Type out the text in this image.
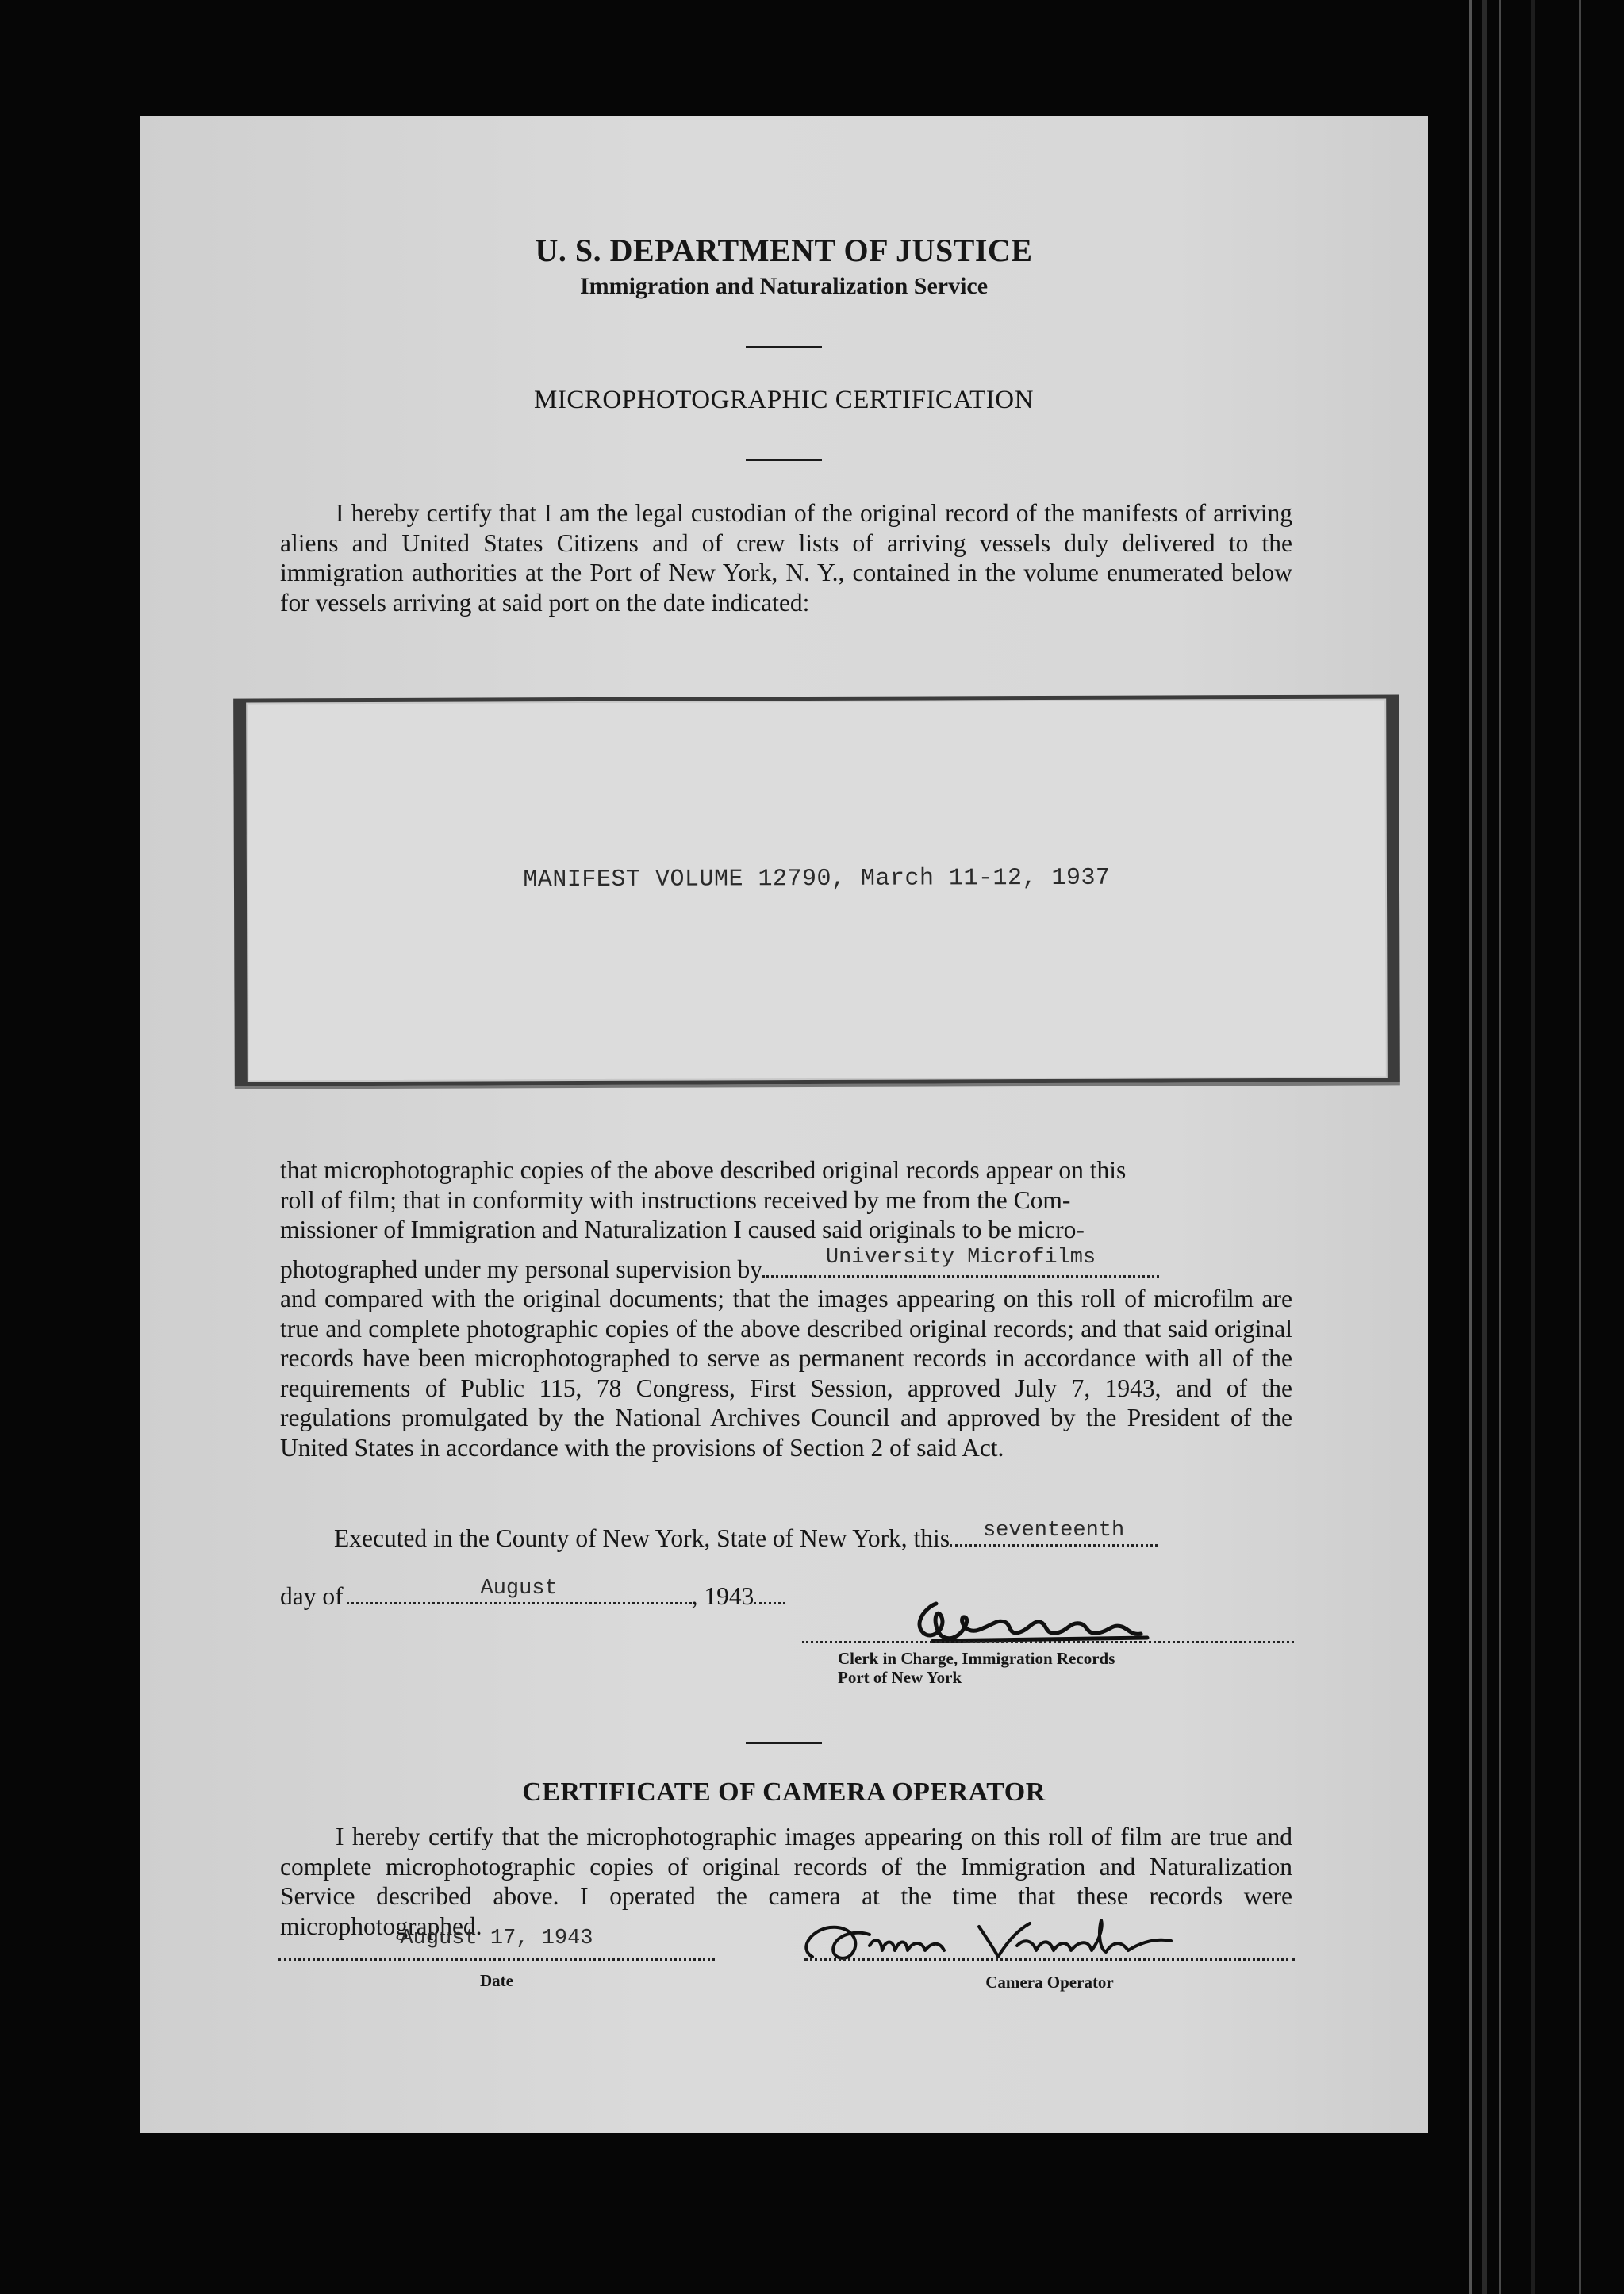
U. S. DEPARTMENT OF JUSTICE
Immigration and Naturalization Service
MICROPHOTOGRAPHIC CERTIFICATION
I hereby certify that I am the legal custodian of the original record of the manifests of arriving aliens and United States Citizens and of crew lists of arriving vessels duly delivered to the immigration authorities at the Port of New York, N. Y., contained in the volume enumerated below for vessels arriving at said port on the date indicated:
MANIFEST VOLUME 12790, March 11-12, 1937
that microphotographic copies of the above described original records appear on this
roll of film; that in conformity with instructions received by me from the Com-
missioner of Immigration and Naturalization I caused said originals to be micro-
photographed under my personal supervision by	University Microfilms
and compared with the original documents; that the images appearing on this roll of microfilm are true and complete photographic copies of the above described original records; and that said original records have been microphotographed to serve as permanent records in accordance with all of the requirements of Public 115, 78 Congress, First Session, approved July 7, 1943, and of the regulations promulgated by the National Archives Council and approved by the President of the United States in accordance with the provisions of Section 2 of said Act.
Executed in the County of New York, State of New York, this	seventeenth
day of	August	, 1943
Clerk in Charge, Immigration Records
Port of New York
CERTIFICATE OF CAMERA OPERATOR
I hereby certify that the microphotographic images appearing on this roll of film are true and complete microphotographic copies of original records of the Immigration and Naturalization Service described above. I operated the camera at the time that these records were microphotographed.
August 17, 1943
Date	Camera Operator
